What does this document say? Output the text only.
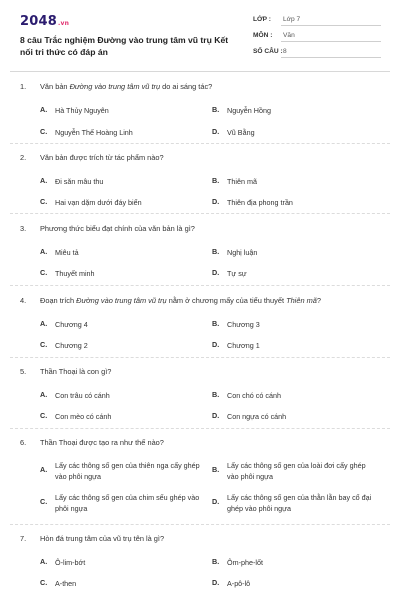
2048.vn
8 câu Trắc nghiệm Đường vào trung tâm vũ trụ Kết nối tri thức có đáp án
LỚP : Lớp 7
MÔN : Văn
SỐ CÂU : 8
1. Văn bản Đường vào trung tâm vũ trụ do ai sáng tác?
A. Hà Thủy Nguyên	B. Nguyễn Hồng
C. Nguyễn Thế Hoàng Linh	D. Vũ Bằng
2. Văn bản được trích từ tác phẩm nào?
A. Đi săn mâu thu	B. Thiên mã
C. Hai vạn dặm dưới đáy biển	D. Thiên địa phong trần
3. Phương thức biểu đạt chính của văn bản là gì?
A. Miêu tả	B. Nghị luận
C. Thuyết minh	D. Tự sự
4. Đoạn trích Đường vào trung tâm vũ trụ nằm ở chương mấy của tiểu thuyết Thiên mã?
A. Chương 4	B. Chương 3
C. Chương 2	D. Chương 1
5. Thần Thoại là con gì?
A. Con trâu có cánh	B. Con chó có cánh
C. Con mèo có cánh	D. Con ngựa có cánh
6. Thần Thoại được tạo ra như thế nào?
A. Lấy các thông số gen của thiên nga cấy ghép vào phôi ngựa
B. Lấy các thông số gen của loài đơi cấy ghép vào phôi ngựa
C. Lấy các thông số gen của chim sếu ghép vào phôi ngựa
D. Lấy các thông số gen của thằn lằn bay cổ đại ghép vào phôi ngựa
7. Hòn đá trung tâm của vũ trụ tên là gì?
A. Ô-lim-bớt	B. Ôm-phe-lốt
C. A-then	D. A-pô-lô
